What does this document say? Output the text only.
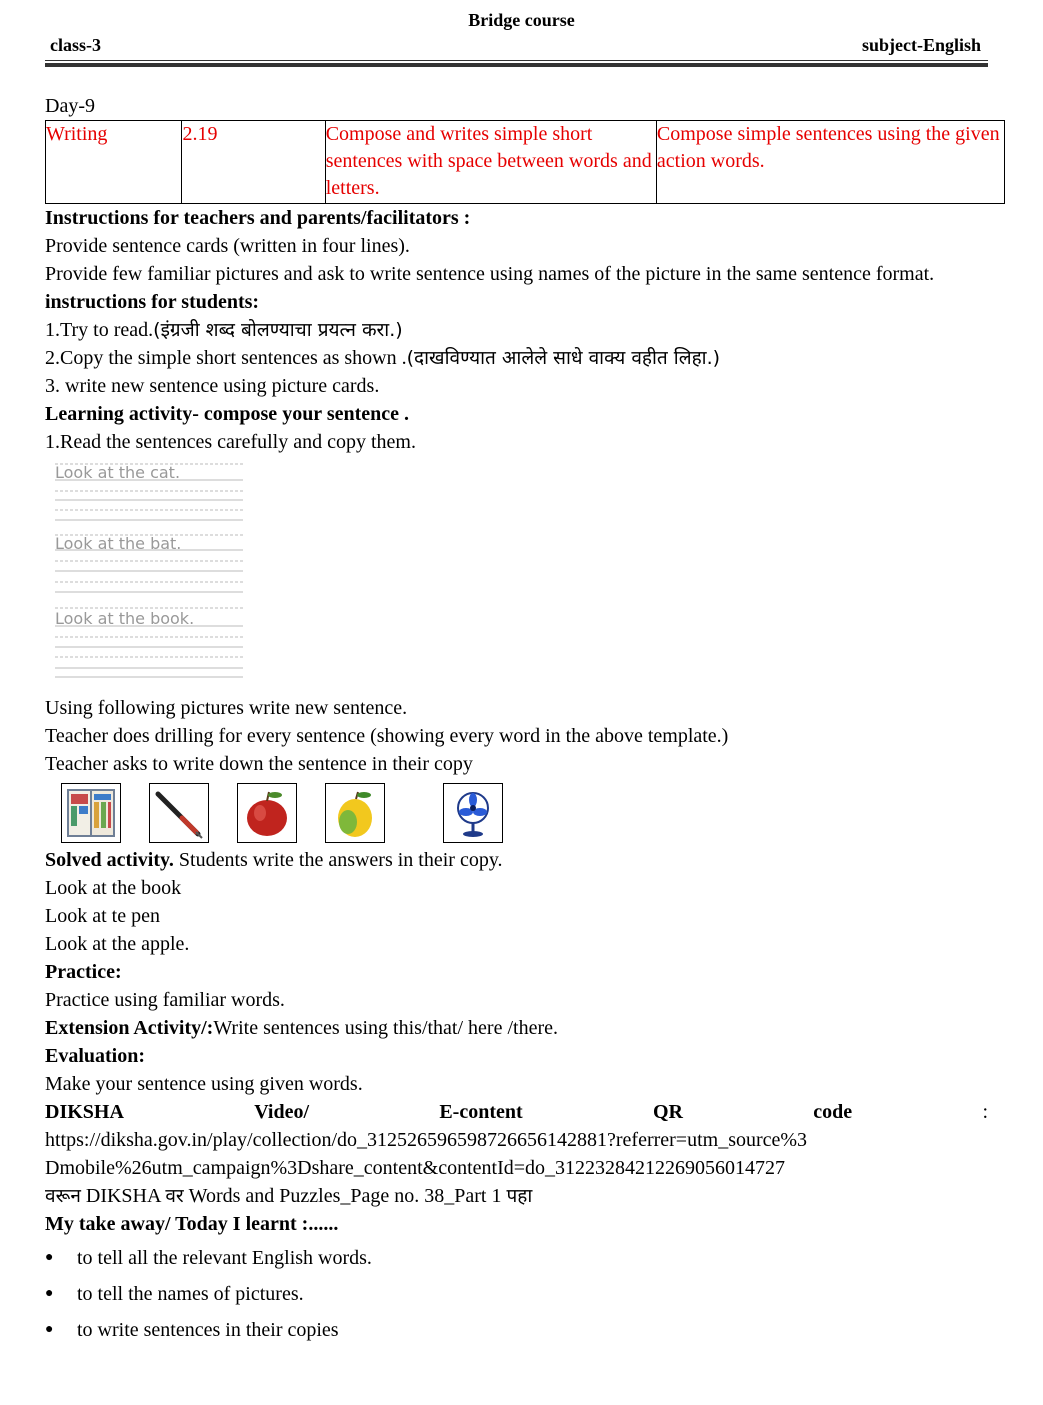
Bridge course
class-3	subject-English

Day-9

Writing	2.19	Compose and writes simple short sentences with space between words and letters.	Compose simple sentences using the given action words.

Instructions for teachers and parents/facilitators :

Provide sentence cards (written in four lines).

Provide few familiar pictures and ask to write sentence using names of the picture in the same sentence format.

instructions for students:

1.Try to read.(इंग्रजी शब्द बोलण्याचा प्रयत्न करा.)

2.Copy the simple short sentences as shown .(दाखविण्यात आलेले साधे वाक्य वहीत लिहा.)

3. write new sentence using picture cards.

Learning activity- compose your sentence .

1.Read the sentences carefully and copy them.

Look at the cat.
Look at the bat.
Look at the book.

Using following pictures write new sentence.

Teacher does drilling for every sentence (showing every word in the above template.)

Teacher asks to write down the sentence in their copy

Solved activity. Students write the answers in their copy.

Look at the book

Look at te pen

Look at the apple.

Practice:

Practice using familiar words.

Extension Activity/:Write sentences using this/that/ here /there.

Evaluation:

Make your sentence using given words.

DIKSHA	Video/	E-content	QR	code	:

https://diksha.gov.in/play/collection/do_31252659659872665614288​1?referrer=utm_source%3

Dmobile%26utm_campaign%3Dshare_content&contentId=do_31223284212269056014727

वरून DIKSHA वर Words and Puzzles_Page no. 38_Part 1 पहा

My take away/ Today I learnt :......

● to tell all the relevant English words.
● to tell the names of pictures.
● to write sentences in their copies
